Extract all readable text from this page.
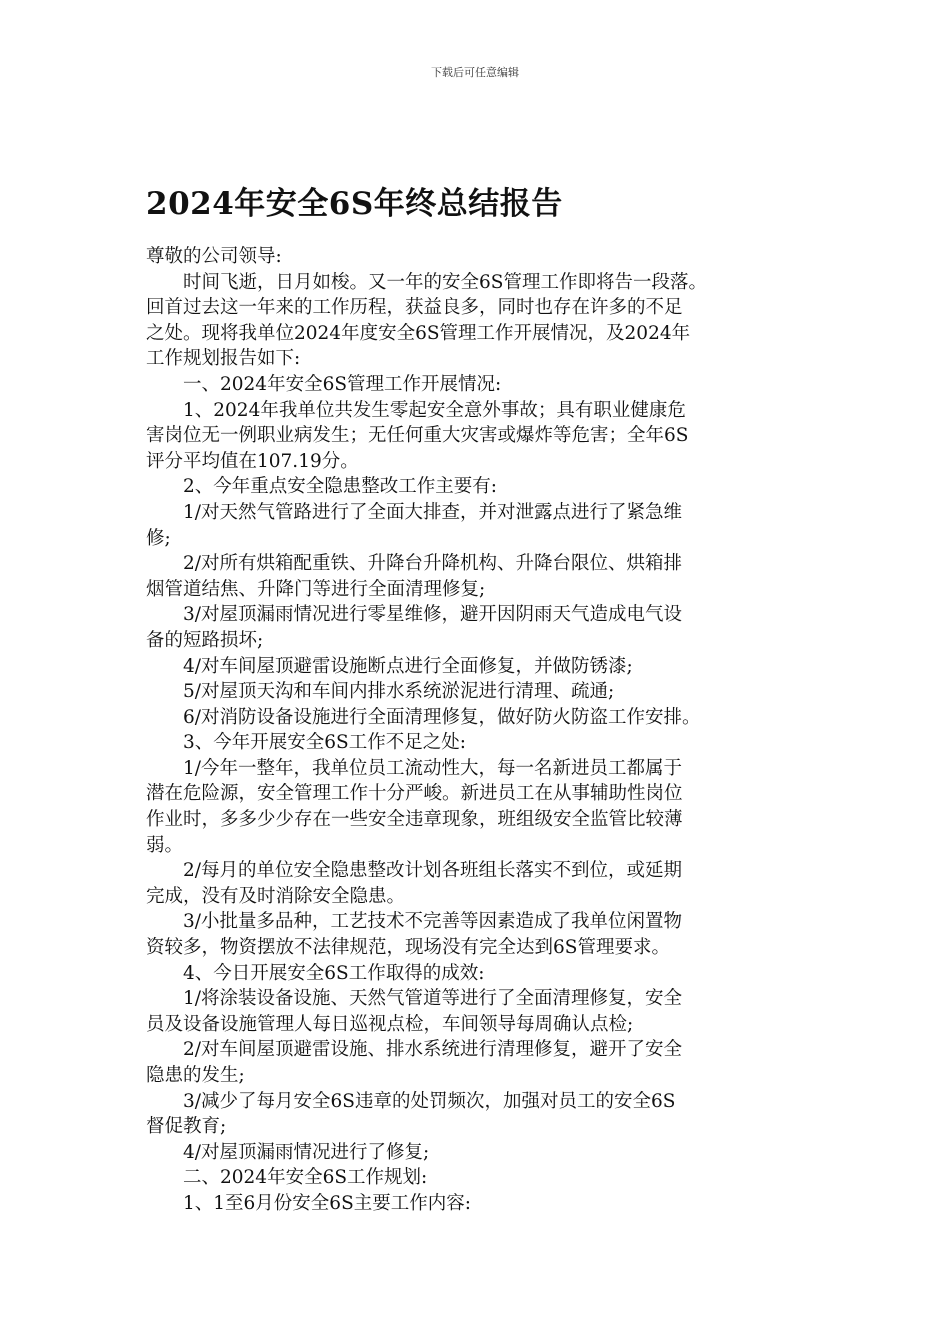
下载后可任意编辑
2024年安全6S年终总结报告
尊敬的公司领导:
　　时间飞逝，日月如梭。又一年的安全6S管理工作即将告一段落。
回首过去这一年来的工作历程，获益良多，同时也存在许多的不足
之处。现将我单位2024年度安全6S管理工作开展情况，及2024年
工作规划报告如下:
　　一、2024年安全6S管理工作开展情况:
　　1、2024年我单位共发生零起安全意外事故；具有职业健康危
害岗位无一例职业病发生；无任何重大灾害或爆炸等危害；全年6S
评分平均值在107.19分。
　　2、今年重点安全隐患整改工作主要有:
　　1/对天然气管路进行了全面大排查，并对泄露点进行了紧急维
修;
　　2/对所有烘箱配重铁、升降台升降机构、升降台限位、烘箱排
烟管道结焦、升降门等进行全面清理修复;
　　3/对屋顶漏雨情况进行零星维修，避开因阴雨天气造成电气设
备的短路损坏;
　　4/对车间屋顶避雷设施断点进行全面修复，并做防锈漆;
　　5/对屋顶天沟和车间内排水系统淤泥进行清理、疏通;
　　6/对消防设备设施进行全面清理修复，做好防火防盗工作安排。
　　3、今年开展安全6S工作不足之处:
　　1/今年一整年，我单位员工流动性大，每一名新进员工都属于
潜在危险源，安全管理工作十分严峻。新进员工在从事辅助性岗位
作业时，多多少少存在一些安全违章现象，班组级安全监管比较薄
弱。
　　2/每月的单位安全隐患整改计划各班组长落实不到位，或延期
完成，没有及时消除安全隐患。
　　3/小批量多品种，工艺技术不完善等因素造成了我单位闲置物
资较多，物资摆放不法律规范，现场没有完全达到6S管理要求。
　　4、今日开展安全6S工作取得的成效:
　　1/将涂装设备设施、天然气管道等进行了全面清理修复，安全
员及设备设施管理人每日巡视点检，车间领导每周确认点检;
　　2/对车间屋顶避雷设施、排水系统进行清理修复，避开了安全
隐患的发生;
　　3/减少了每月安全6S违章的处罚频次，加强对员工的安全6S
督促教育;
　　4/对屋顶漏雨情况进行了修复;
　　二、2024年安全6S工作规划:
　　1、1至6月份安全6S主要工作内容:
